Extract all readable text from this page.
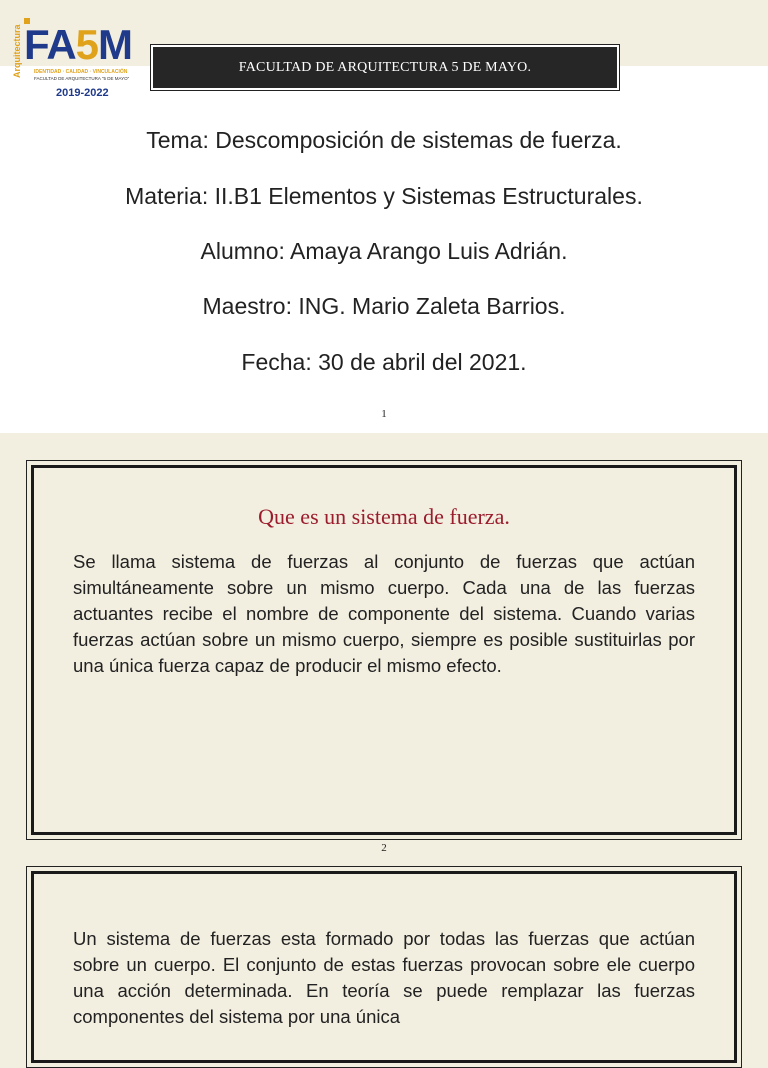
Arquitectura FA5M
IDENTIDAD · CALIDAD · VINCULACIÓN
FACULTAD DE ARQUITECTURA "5 DE MAYO"
2019-2022
FACULTAD DE ARQUITECTURA 5 DE MAYO.
Tema: Descomposición de sistemas de fuerza.
Materia: II.B1 Elementos y Sistemas Estructurales.
Alumno: Amaya Arango Luis Adrián.
Maestro: ING. Mario Zaleta Barrios.
Fecha: 30 de abril del 2021.
1
Que es un sistema de fuerza.
Se llama sistema de fuerzas al conjunto de fuerzas que actúan simultáneamente sobre un mismo cuerpo. Cada una de las fuerzas actuantes recibe el nombre de componente del sistema. Cuando varias fuerzas actúan sobre un mismo cuerpo, siempre es posible sustituirlas por una única fuerza capaz de producir el mismo efecto.
2
Un sistema de fuerzas esta formado por todas las fuerzas que actúan sobre un cuerpo. El conjunto de estas fuerzas provocan sobre ele cuerpo una acción determinada. En teoría se puede remplazar las fuerzas componentes del sistema por una única
